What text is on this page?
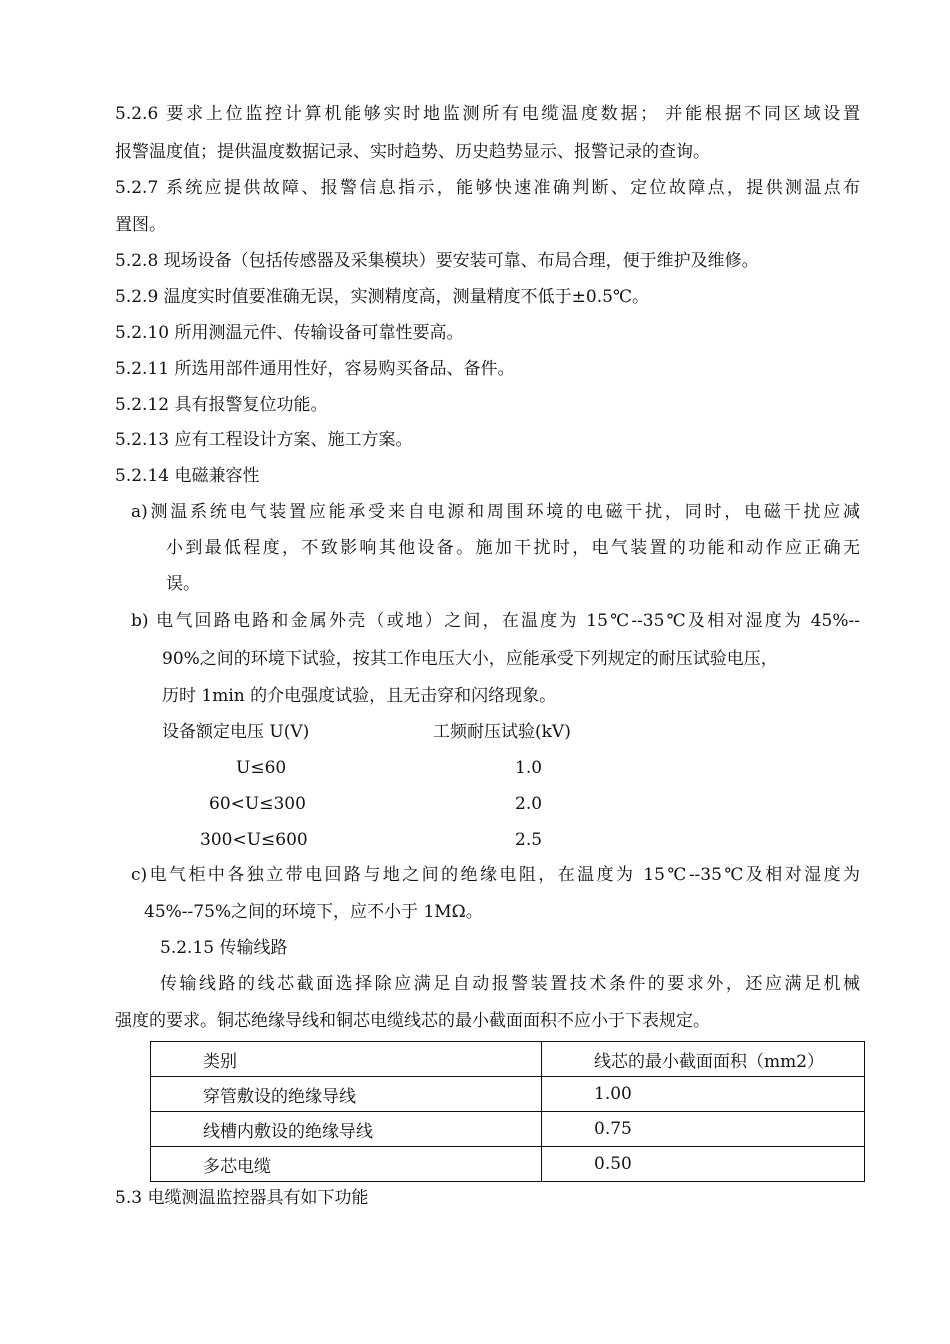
5.2.6 要求上位监控计算机能够实时地监测所有电缆温度数据； 并能根据不同区域设置
报警温度值；提供温度数据记录、实时趋势、历史趋势显示、报警记录的查询。
5.2.7 系统应提供故障、报警信息指示，能够快速准确判断、定位故障点，提供测温点布
置图。
5.2.8 现场设备（包括传感器及采集模块）要安装可靠、布局合理，便于维护及维修。
5.2.9 温度实时值要准确无误，实测精度高，测量精度不低于±0.5℃。
5.2.10 所用测温元件、传输设备可靠性要高。
5.2.11 所选用部件通用性好，容易购买备品、备件。
5.2.12 具有报警复位功能。
5.2.13 应有工程设计方案、施工方案。
5.2.14 电磁兼容性
a)测温系统电气装置应能承受来自电源和周围环境的电磁干扰，同时，电磁干扰应减
小到最低程度，不致影响其他设备。施加干扰时，电气装置的功能和动作应正确无
误。
b) 电气回路电路和金属外壳（或地）之间，在温度为 15℃--35℃及相对湿度为 45%--
90%之间的环境下试验，按其工作电压大小，应能承受下列规定的耐压试验电压，
历时 1min 的介电强度试验，且无击穿和闪络现象。
设备额定电压 U(V)	工频耐压试验(kV)
U≤60	1.0
60<U≤300	2.0
300<U≤600	2.5
c)电气柜中各独立带电回路与地之间的绝缘电阻，在温度为 15℃--35℃及相对湿度为
45%--75%之间的环境下，应不小于 1MΩ。
5.2.15 传输线路
传输线路的线芯截面选择除应满足自动报警装置技术条件的要求外，还应满足机械
强度的要求。铜芯绝缘导线和铜芯电缆线芯的最小截面面积不应小于下表规定。
类别	线芯的最小截面面积（mm2）
穿管敷设的绝缘导线	1.00
线槽内敷设的绝缘导线	0.75
多芯电缆	0.50
5.3 电缆测温监控器具有如下功能
